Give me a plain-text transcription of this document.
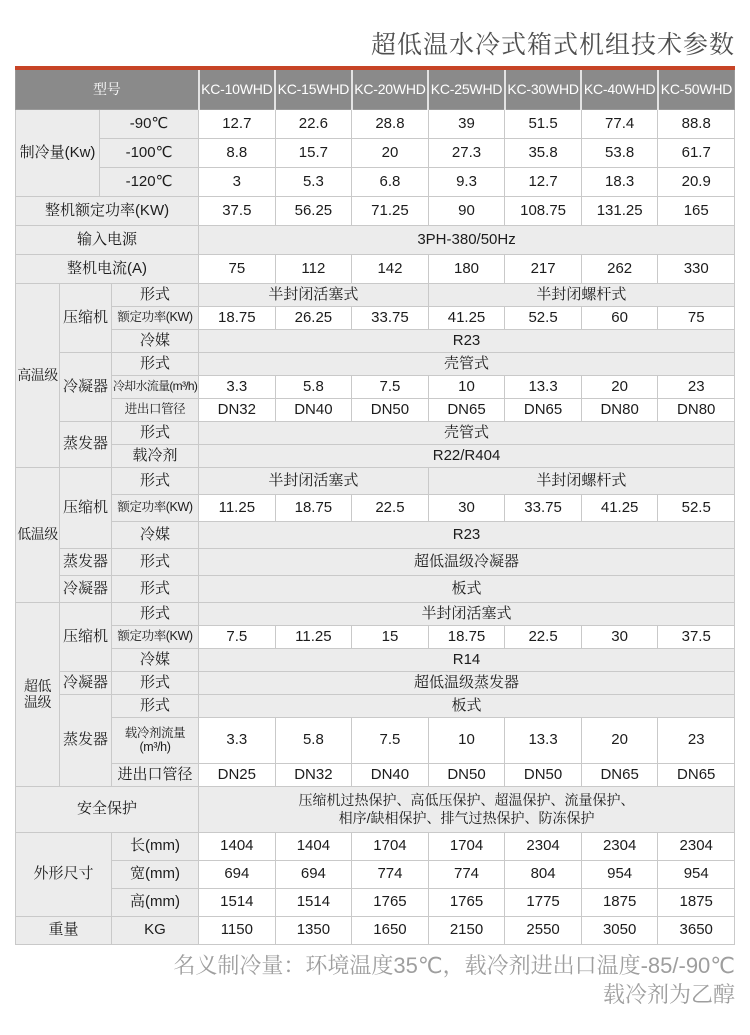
超低温水冷式箱式机组技术参数
型号				KC-10WHD	KC-15WHD	KC-20WHD	KC-25WHD	KC-30WHD	KC-40WHD	KC-50WHD
制冷量(Kw)		-90℃		12.7	22.6	28.8	39	51.5	77.4	88.8
		-100℃		8.8	15.7	20	27.3	35.8	53.8	61.7
		-120℃		3	5.3	6.8	9.3	12.7	18.3	20.9
整机额定功率(KW)				37.5	56.25	71.25	90	108.75	131.25	165
输入电源				3PH-380/50Hz						
整机电流(A)				75	112	142	180	217	262	330
高温级	压缩机		形式	半封闭活塞式			半封闭螺杆式			
			额定功率(KW)	18.75	26.25	33.75	41.25	52.5	60	75
			冷媒	R23						
	冷凝器		形式	壳管式						
			冷却水流量(m³/h)	3.3	5.8	7.5	10	13.3	20	23
			进出口管径	DN32	DN40	DN50	DN65	DN65	DN80	DN80
	蒸发器		形式	壳管式						
			载冷剂	R22/R404						
低温级	压缩机		形式	半封闭活塞式			半封闭螺杆式			
			额定功率(KW)	11.25	18.75	22.5	30	33.75	41.25	52.5
			冷媒	R23						
	蒸发器		形式	超低温级冷凝器						
	冷凝器		形式	板式						
超低
温级	压缩机		形式	半封闭活塞式						
			额定功率(KW)	7.5	11.25	15	18.75	22.5	30	37.5
			冷媒	R14						
	冷凝器		形式	超低温级蒸发器						
	蒸发器		形式	板式						
			载冷剂流量
(m³/h)	3.3	5.8	7.5	10	13.3	20	23
			进出口管径	DN25	DN32	DN40	DN50	DN50	DN65	DN65
安全保护				压缩机过热保护、高低压保护、超温保护、流量保护、
相序/缺相保护、排气过热保护、防冻保护						
外形尺寸			长(mm)	1404	1404	1704	1704	2304	2304	2304
			宽(mm)	694	694	774	774	804	954	954
			高(mm)	1514	1514	1765	1765	1775	1875	1875
重量			KG	1150	1350	1650	2150	2550	3050	3650
名义制冷量：环境温度35℃，载冷剂进出口温度-85/-90℃
载冷剂为乙醇
